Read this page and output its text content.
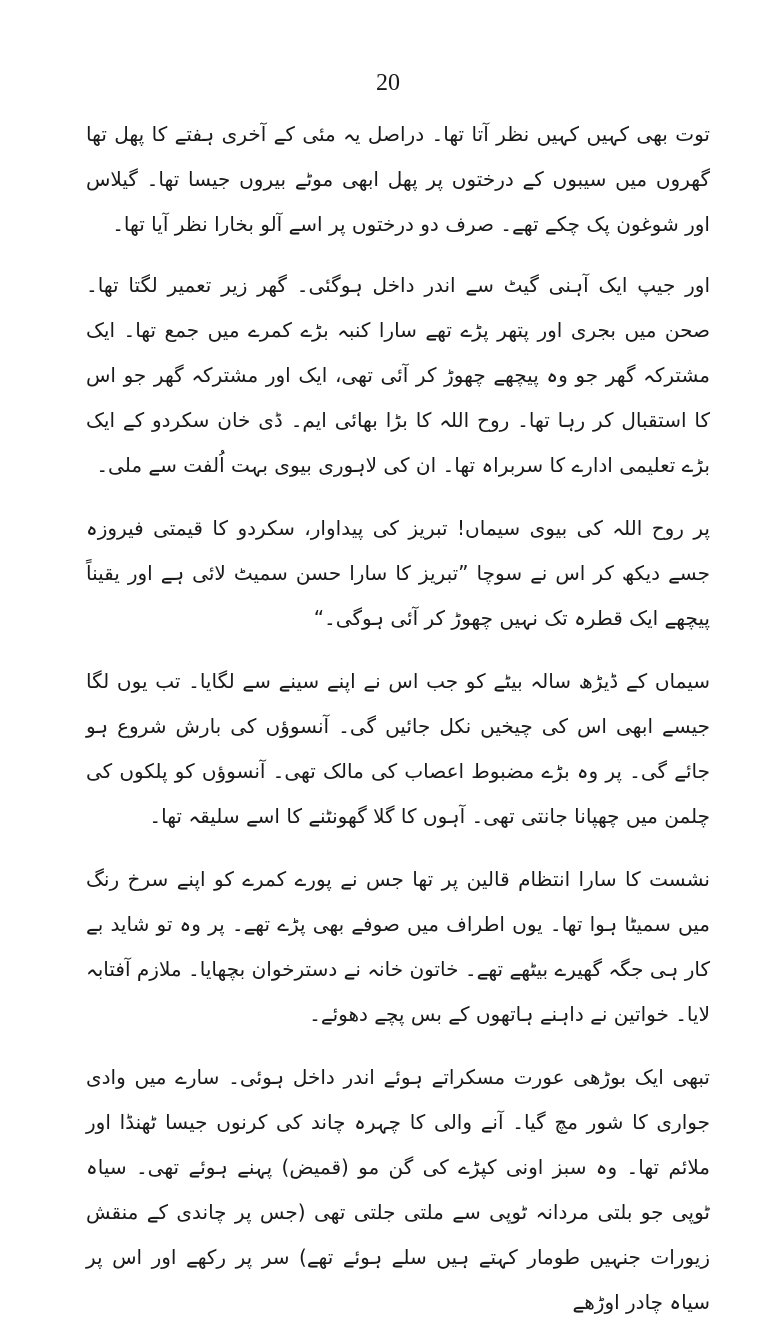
20

توت بھی کہیں کہیں نظر آتا تھا۔ دراصل یہ مئی کے آخری ہفتے کا پھل تھا گھروں میں سیبوں کے درختوں پر پھل ابھی موٹے بیروں جیسا تھا۔ گیلاس اور شوغون پک چکے تھے۔ صرف دو درختوں پر اسے آلو بخارا نظر آیا تھا۔

اور جیپ ایک آہنی گیٹ سے اندر داخل ہوگئی۔ گھر زیر تعمیر لگتا تھا۔ صحن میں بجری اور پتھر پڑے تھے سارا کنبہ بڑے کمرے میں جمع تھا۔ ایک مشترکہ گھر جو وہ پیچھے چھوڑ کر آئی تھی، ایک اور مشترکہ گھر جو اس کا استقبال کر رہا تھا۔ روح اللہ کا بڑا بھائی ایم۔ ڈی خان سکردو کے ایک بڑے تعلیمی ادارے کا سربراہ تھا۔ ان کی لاہوری بیوی بہت اُلفت سے ملی۔

پر روح اللہ کی بیوی سیماں! تبریز کی پیداوار، سکردو کا قیمتی فیروزہ جسے دیکھ کر اس نے سوچا ”تبریز کا سارا حسن سمیٹ لائی ہے اور یقیناً پیچھے ایک قطرہ تک نہیں چھوڑ کر آئی ہوگی۔“

سیماں کے ڈیڑھ سالہ بیٹے کو جب اس نے اپنے سینے سے لگایا۔ تب یوں لگا جیسے ابھی اس کی چیخیں نکل جائیں گی۔ آنسوؤں کی بارش شروع ہو جائے گی۔ پر وہ بڑے مضبوط اعصاب کی مالک تھی۔ آنسوؤں کو پلکوں کی چلمن میں چھپانا جانتی تھی۔ آہوں کا گلا گھونٹنے کا اسے سلیقہ تھا۔

نشست کا سارا انتظام قالین پر تھا جس نے پورے کمرے کو اپنے سرخ رنگ میں سمیٹا ہوا تھا۔ یوں اطراف میں صوفے بھی پڑے تھے۔ پر وہ تو شاید بے کار ہی جگہ گھیرے بیٹھے تھے۔ خاتون خانہ نے دسترخوان بچھایا۔ ملازم آفتابہ لایا۔ خواتین نے داہنے ہاتھوں کے بس پچے دھوئے۔

تبھی ایک بوڑھی عورت مسکراتے ہوئے اندر داخل ہوئی۔ سارے میں وادی جواری کا شور مچ گیا۔ آنے والی کا چہرہ چاند کی کرنوں جیسا ٹھنڈا اور ملائم تھا۔ وہ سبز اونی کپڑے کی گن مو (قمیض) پہنے ہوئے تھی۔ سیاہ ٹوپی جو بلتی مردانہ ٹوپی سے ملتی جلتی تھی (جس پر چاندی کے منقش زیورات جنہیں طومار کہتے ہیں سلے ہوئے تھے) سر پر رکھے اور اس پر سیاہ چادر اوڑھے
